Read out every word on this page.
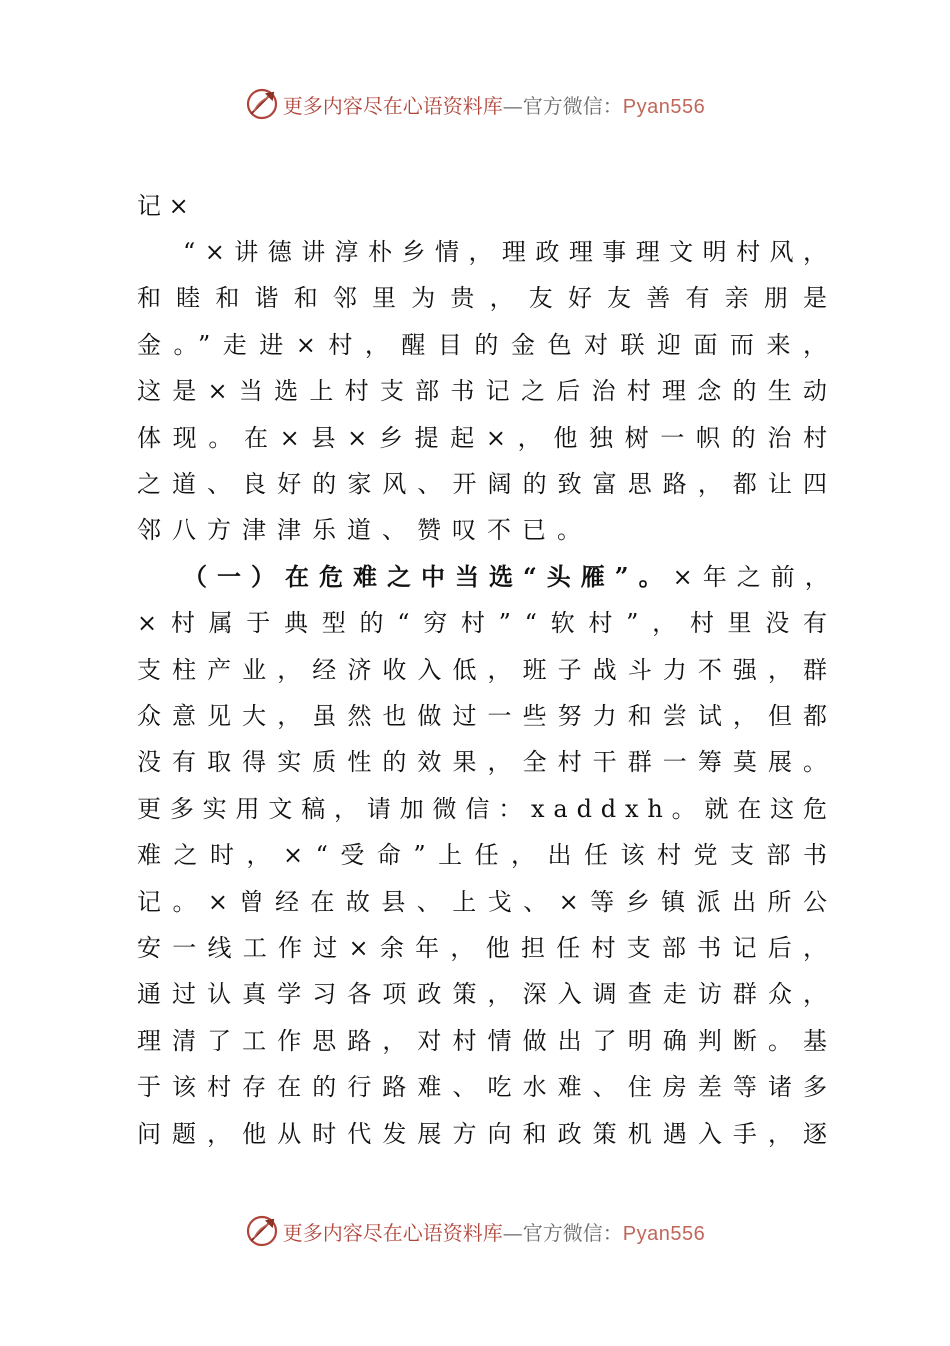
更多内容尽在心语资料库—官方微信：Pyan556
记 ×
“×讲德讲淳朴乡情，理政理事理文明村风，
和睦和谐和邻里为贵，友好友善有亲朋是
金。”走进×村，醒目的金色对联迎面而来，
这是×当选上村支部书记之后治村理念的生动
体现。在×县×乡提起×，他独树一帜的治村
之道、良好的家风、开阔的致富思路，都让四
邻八方津津乐道、赞叹不已。
（一）在危难之中当选“头雁”。 ×年之前，
×村属于典型的“穷村”“软村”，村里没有
支柱产业，经济收入低，班子战斗力不强，群
众意见大，虽然也做过一些努力和尝试，但都
没有取得实质性的效果，全村干群一筹莫展。
更多实用文稿，请加微信：xaddxh。就在这危
难之时，×“受命”上任，出任该村党支部书
记。×曾经在故县、上戈、×等乡镇派出所公
安一线工作过×余年，他担任村支部书记后，
通过认真学习各项政策，深入调查走访群众，
理清了工作思路，对村情做出了明确判断。基
于该村存在的行路难、吃水难、住房差等诸多
问题，他从时代发展方向和政策机遇入手，逐
更多内容尽在心语资料库—官方微信：Pyan556
